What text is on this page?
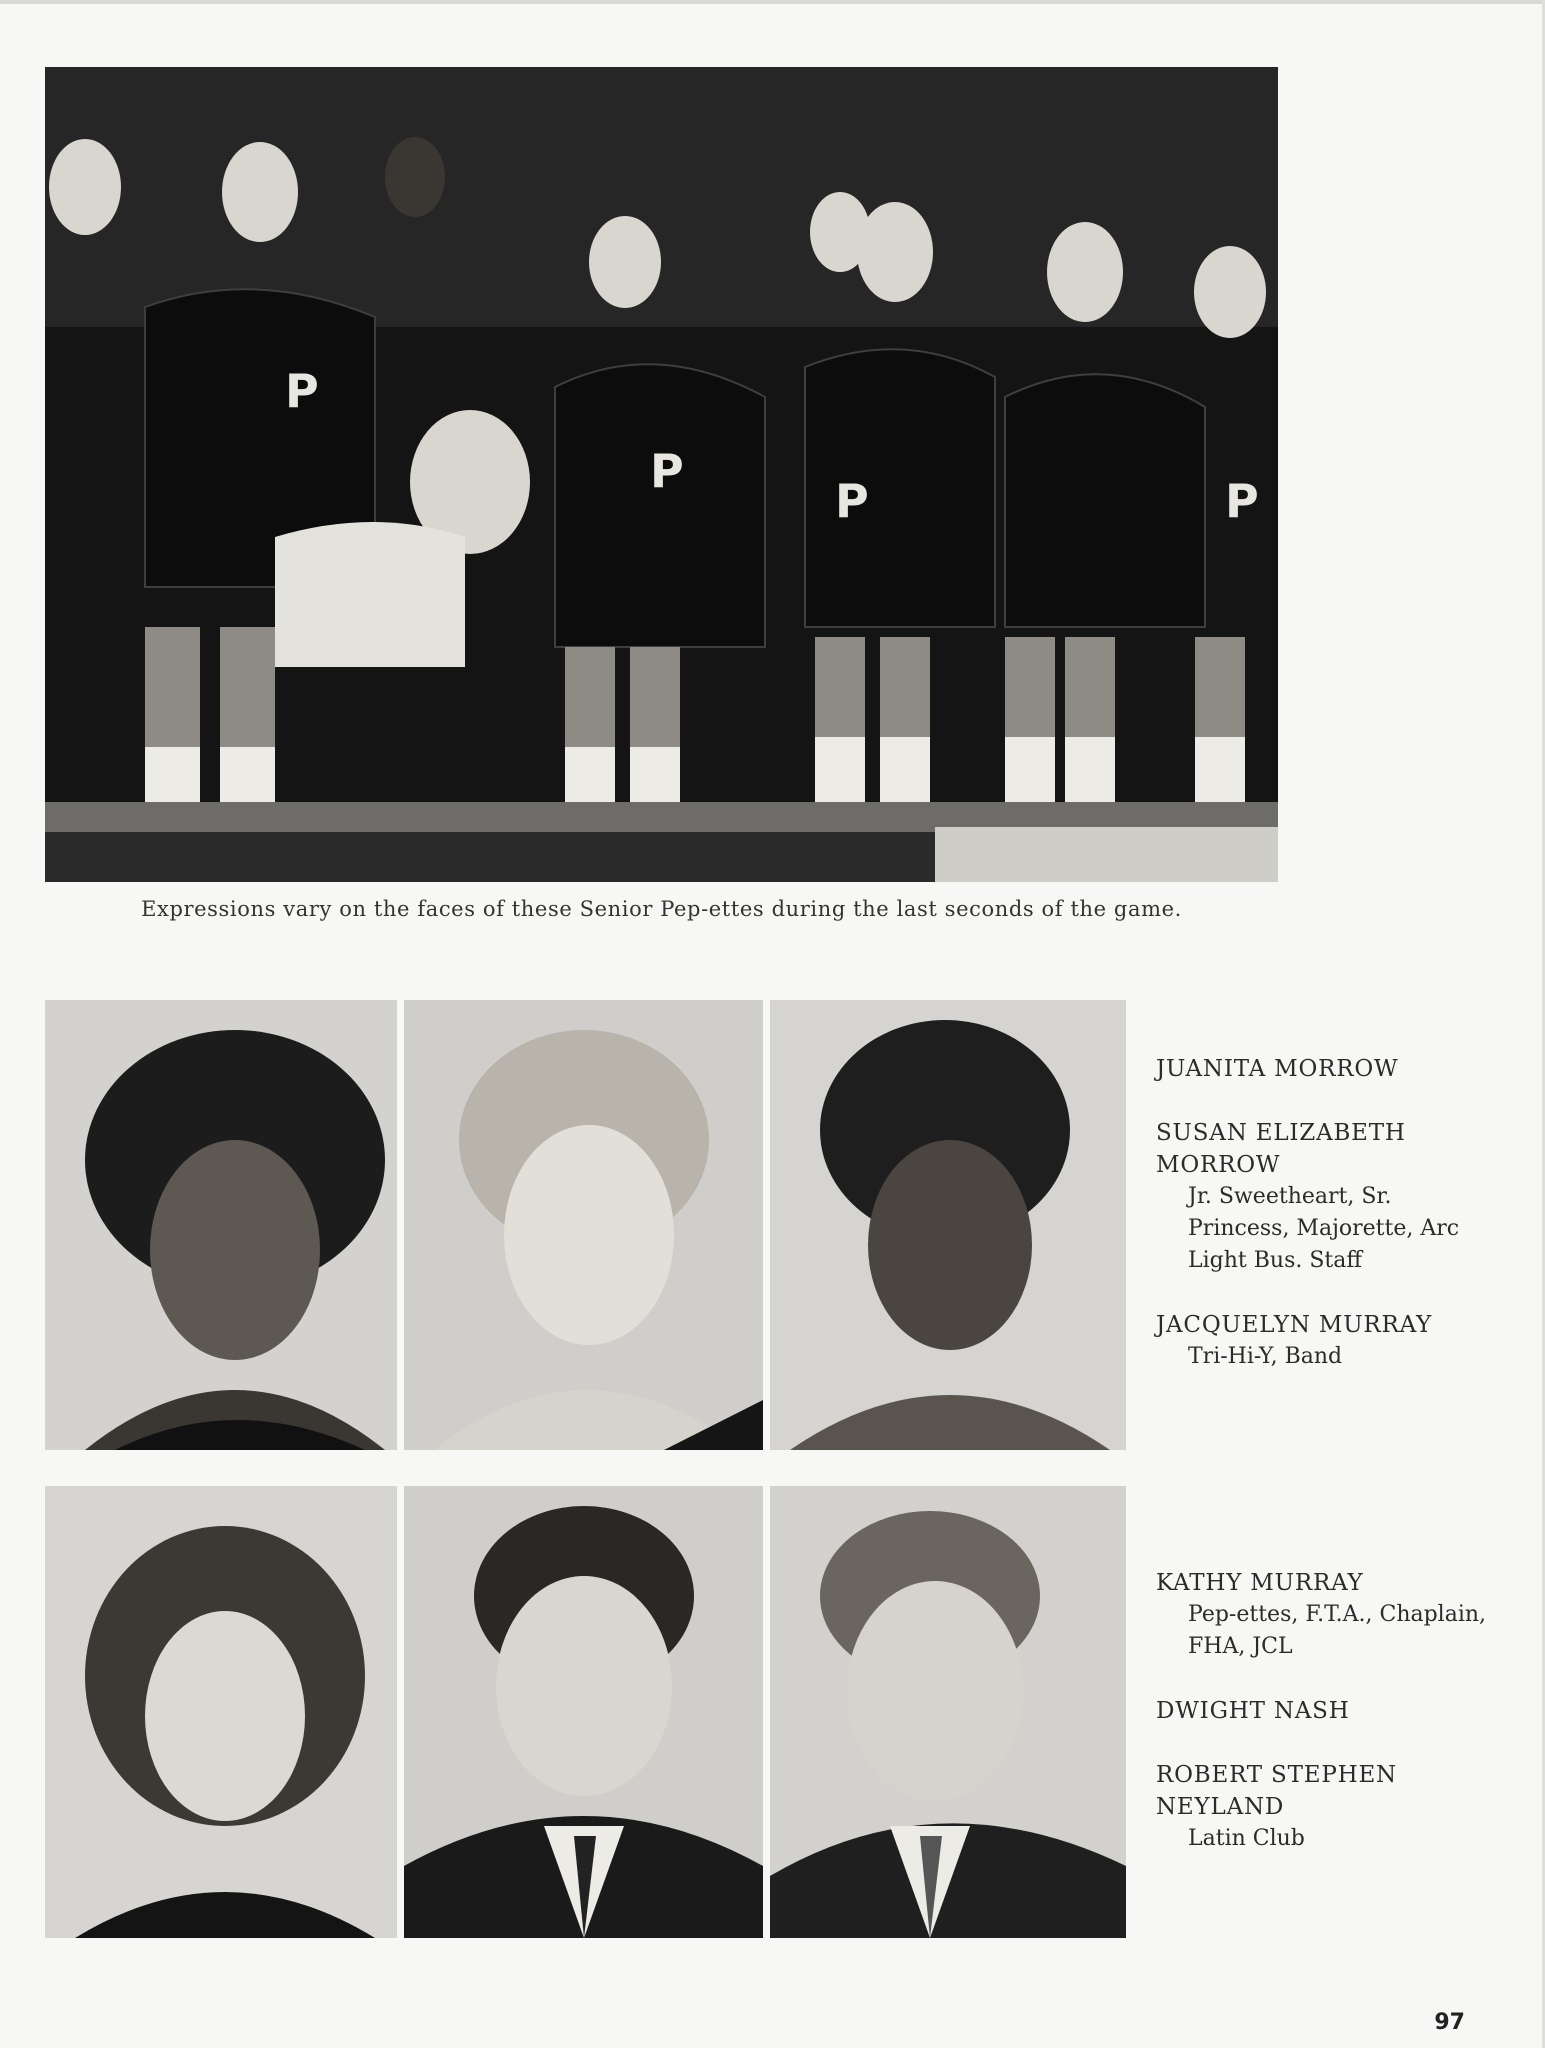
P
P
P	P
Expressions vary on the faces of these Senior Pep-ettes during the last seconds of the game.
JUANITA MORROW
SUSAN ELIZABETH MORROW
Jr. Sweetheart, Sr. Princess, Majorette, Arc Light Bus. Staff
JACQUELYN MURRAY
Tri-Hi-Y, Band
KATHY MURRAY
Pep-ettes, F.T.A., Chaplain, FHA, JCL
DWIGHT NASH
ROBERT STEPHEN NEYLAND
Latin Club
97
